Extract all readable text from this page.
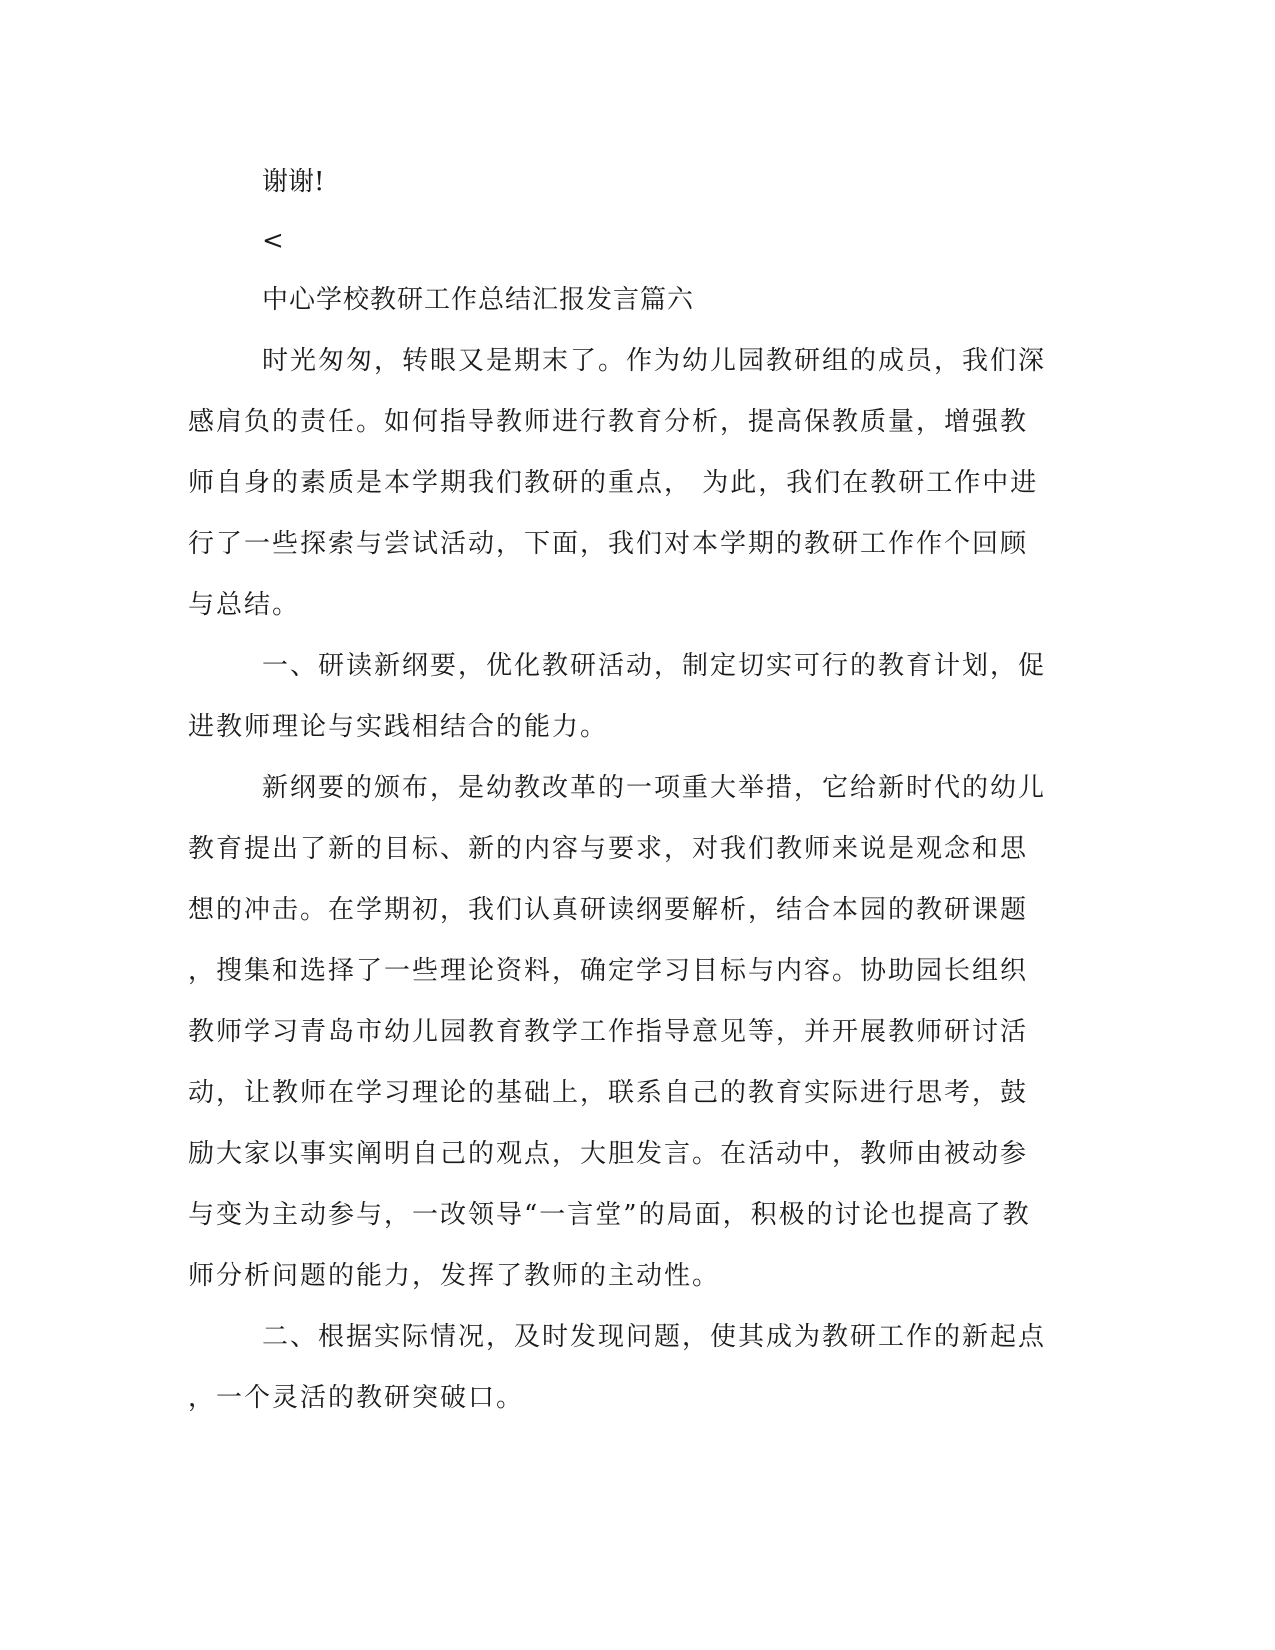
谢谢!
<
中心学校教研工作总结汇报发言篇六

时光匆匆，转眼又是期末了。作为幼儿园教研组的成员，我们深
感肩负的责任。如何指导教师进行教育分析，提高保教质量，增强教
师自身的素质是本学期我们教研的重点， 为此，我们在教研工作中进
行了一些探索与尝试活动，下面，我们对本学期的教研工作作个回顾
与总结。

一、研读新纲要，优化教研活动，制定切实可行的教育计划，促
进教师理论与实践相结合的能力。

新纲要的颁布，是幼教改革的一项重大举措，它给新时代的幼儿
教育提出了新的目标、新的内容与要求，对我们教师来说是观念和思
想的冲击。在学期初，我们认真研读纲要解析，结合本园的教研课题
，搜集和选择了一些理论资料，确定学习目标与内容。协助园长组织
教师学习青岛市幼儿园教育教学工作指导意见等，并开展教师研讨活
动，让教师在学习理论的基础上，联系自己的教育实际进行思考，鼓
励大家以事实阐明自己的观点，大胆发言。在活动中，教师由被动参
与变为主动参与，一改领导“一言堂”的局面，积极的讨论也提高了教
师分析问题的能力，发挥了教师的主动性。

二、根据实际情况，及时发现问题，使其成为教研工作的新起点
，一个灵活的教研突破口。
